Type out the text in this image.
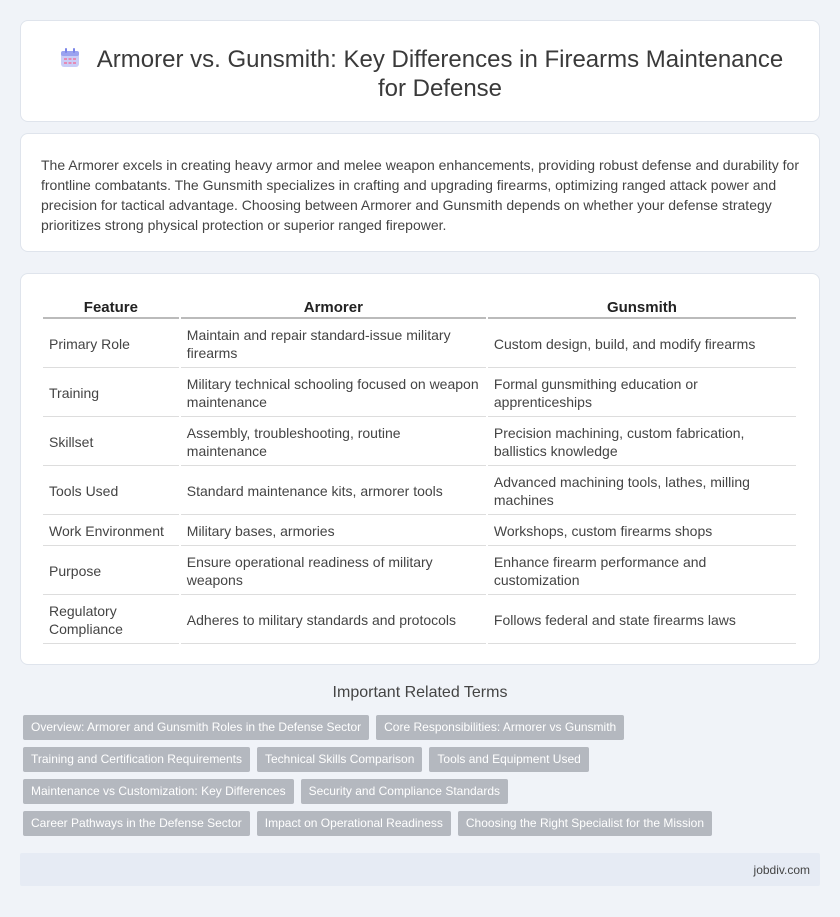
Armorer vs. Gunsmith: Key Differences in Firearms Maintenance for Defense

The Armorer excels in creating heavy armor and melee weapon enhancements, providing robust defense and durability for frontline combatants. The Gunsmith specializes in crafting and upgrading firearms, optimizing ranged attack power and precision for tactical advantage. Choosing between Armorer and Gunsmith depends on whether your defense strategy prioritizes strong physical protection or superior ranged firepower.

Feature	Armorer	Gunsmith
Primary Role	Maintain and repair standard-issue military firearms	Custom design, build, and modify firearms
Training	Military technical schooling focused on weapon maintenance	Formal gunsmithing education or apprenticeships
Skillset	Assembly, troubleshooting, routine maintenance	Precision machining, custom fabrication, ballistics knowledge
Tools Used	Standard maintenance kits, armorer tools	Advanced machining tools, lathes, milling machines
Work Environment	Military bases, armories	Workshops, custom firearms shops
Purpose	Ensure operational readiness of military weapons	Enhance firearm performance and customization
Regulatory Compliance	Adheres to military standards and protocols	Follows federal and state firearms laws
Important Related Terms
Overview: Armorer and Gunsmith Roles in the Defense Sector	Core Responsibilities: Armorer vs Gunsmith
Training and Certification Requirements	Technical Skills Comparison	Tools and Equipment Used
Maintenance vs Customization: Key Differences	Security and Compliance Standards
Career Pathways in the Defense Sector	Impact on Operational Readiness	Choosing the Right Specialist for the Mission
jobdiv.com
